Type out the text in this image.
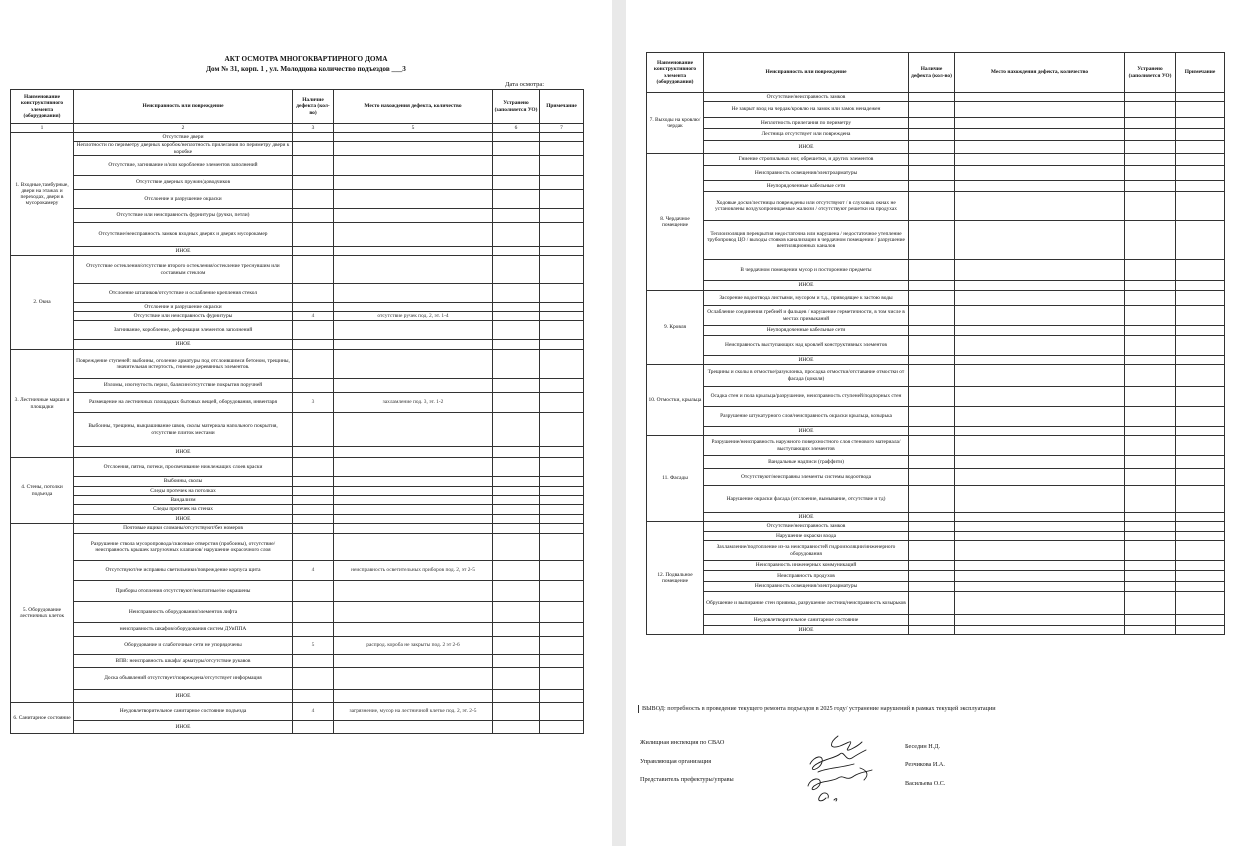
АКТ ОСМОТРА МНОГОКВАРТИРНОГО ДОМА
Дом № 31, корп. 1 , ул. Молодцова количество подъездов ___3
Дата осмотра:
Наименование конструктивного элемента (оборудования)	Неисправность или повреждение	Наличие дефекта (кол-во)	Место нахождения дефекта, количество	Устранено (заполняется УО)	Примечание
1	2	3	5	6	7
1. Входные,тамбурные, двери на этажах и переходах, двери в мусорокамеру	Отсутствие двери				
	Неплотности по периметру дверных коробок/неплотность прилегания по периметру двери к коробке				
	Отсутствие, загнивание и/или коробление элементов заполнений				
	Отсутствие дверных пружин/доводчиков				
	Отслоение и разрушение окраски				
	Отсутствие или неисправность фурнитуры (ручки, петли)				
	Отсутствие/неисправность замков входных дверях и дверях мусорокамер				
	ИНОЕ				
2. Окна	Отсутствие остекления/отсутствие второго остекления/остекление треснувшим или составным стеклом				
	Отслоение штапиков/отсутствие и ослабление крепления стекол				
	Отслоение и разрушение окраски				
	Отсутствие или неисправность фурнитуры	4	отсутствие ручек под. 2, эт. 1-4		
	Загнивание, коробление, деформация элементов заполнений				
	ИНОЕ				
3. Лестничные марши и площадки	Повреждение ступеней: выбоины, оголение арматуры под отслоившимся бетоном, трещины, значительная истертость, гниение деревянных элементов.				
	Изломы, изогнутость перил, балясин/отсутствие покрытия поручней				
	Размещение на лестничных площадках бытовых вещей, оборудования, инвентаря	3	захламление под. 3, эт. 1-2		
	Выбоины, трещины, выкрашивание швов, сколы материала напольного покрытия, отсутствие плиток местами				
	ИНОЕ				
4. Стены, потолки подъезда	Отслоения, пятна, потеки, просвечивание нижлежащих слоев краски				
	Выбоины, сколы				
	Следы протечек на потолках				
	Вандализм				
	Следы протечек на стенах				
	ИНОЕ				
5. Оборудование лестничных клеток	Почтовые ящики сломаны/отсутствуют/без номеров				
	Разрушение ствола мусоропровода/сквозные отверстия (пробоины), отсутствие/неисправность крышек загрузочных клапанов/ нарушение окрасочного слоя				
	Отсутствуют/не исправны светильники/повреждение корпуса щита	4	неисправность осветительных приборов под. 2, эт 2-5		
	Приборы отопления отсутствуют/нештатные/не окрашены				
	Неисправность оборудования/элементов лифта				
	неисправность шкафов/оборудования систем ДУиППА				
	Оборудование и слаботочные сети не упорядочены	5	распрод. короба не закрыты под. 2 эт 2-6		
	ВПВ: неисправность шкафа/ арматуры/отсутствие рукавов				
	Доска объявлений отсутствует/повреждена/отсутствует информация				
	ИНОЕ				
6. Санитарное состояние	Неудовлетворительное санитарное состояние подъезда	4	загрязнение, мусор на лестничной клетке под. 2, эт. 2-5		
	ИНОЕ				
Наименование конструктивного элемента (оборудования)	Неисправность или повреждение	Наличие дефекта (кол-во)	Место нахождения дефекта, количество	Устранено (заполняется УО)	Примечание
7. Выходы на кровлю/чердак	Отсутствие/неисправность замков				
	Не закрыт вход на чердак/кровлю на замок или замок ненадежен				
	Неплотность прилегания по периметру				
	Лестница отсутствует или повреждена				
	ИНОЕ				
8. Чердачное помещение	Гниение стропильных ног, обрешетки, и других элементов				
	Неисправность освещения/электроарматуры				
	Неупорядоченные кабельные сети				
	Ходовые доски/лестницы повреждены или отсутствуют / в слуховых окнах не установлены воздухопроницаемые жалюзи / отсутствуют решетки на продухах				
	Теплоизоляция перекрытия недостаточна или нарушена / недостаточное утепление трубопровод ЦО / выходы стояков канализации в чердачном помещении / разрушение вентиляционных каналов				
	В чердачном помещении мусор и посторонние предметы				
	ИНОЕ				
9. Кровля	Засорение водоотвода листьями, мусором и т.д., приводящее к застою воды				
	Ослабление соединения гребней и фальцев / нарушение герметичности, в том числе в местах примыканий				
	Неупорядоченные кабельные сети				
	Неисправность выступающих над кровлей конструктивных элементов				
	ИНОЕ				
10. Отмостки, крыльца	Трещины и сколы в отмостке/разуклонка, просадка отмостки/отставание отмостки от фасада (цоколя)				
	Осадка стен и пола крыльца/разрушение, неисправность ступеней/подпорных стен				
	Разрушение штукатурного слоя/неисправность окраски крыльца, козырька				
	ИНОЕ				
11. Фасады	Разрушение/неисправность наружного поверхностного слоя стенового материала/выступающих элементов				
	Вандальные надписи (граффити)				
	Отсутствуют/неисправны элементы системы водоотвода				
	Нарушение окраски фасада (отслоение, вымывание, отсутствие и тд)				
	ИНОЕ				
12. Подвальное помещение	Отсутствие/неисправность замков				
	Нарушение окраски входа				
	Захламление/подтопление из-за неисправностей гидроизоляции/инженерного оборудования				
	Неисправность инженерных коммуникаций				
	Неисправность продухов				
	Неисправность освещения/электроарматуры				
	Обрушение и выпирание стен приямка, разрушение лестниц/неисправность козырьков				
	Неудовлетворительное санитарное состояние				
	ИНОЕ				
ВЫВОД: потребность в проведение текущего ремонта подъездов в 2025 году/ устранение нарушений в рамках текущей эксплуатации
Жилищная инспекция по СВАО
Управляющая организация
Представитель префектуры/управы
Беседин Н.Д.
Резчикова И.А.
Васильева О.С.
